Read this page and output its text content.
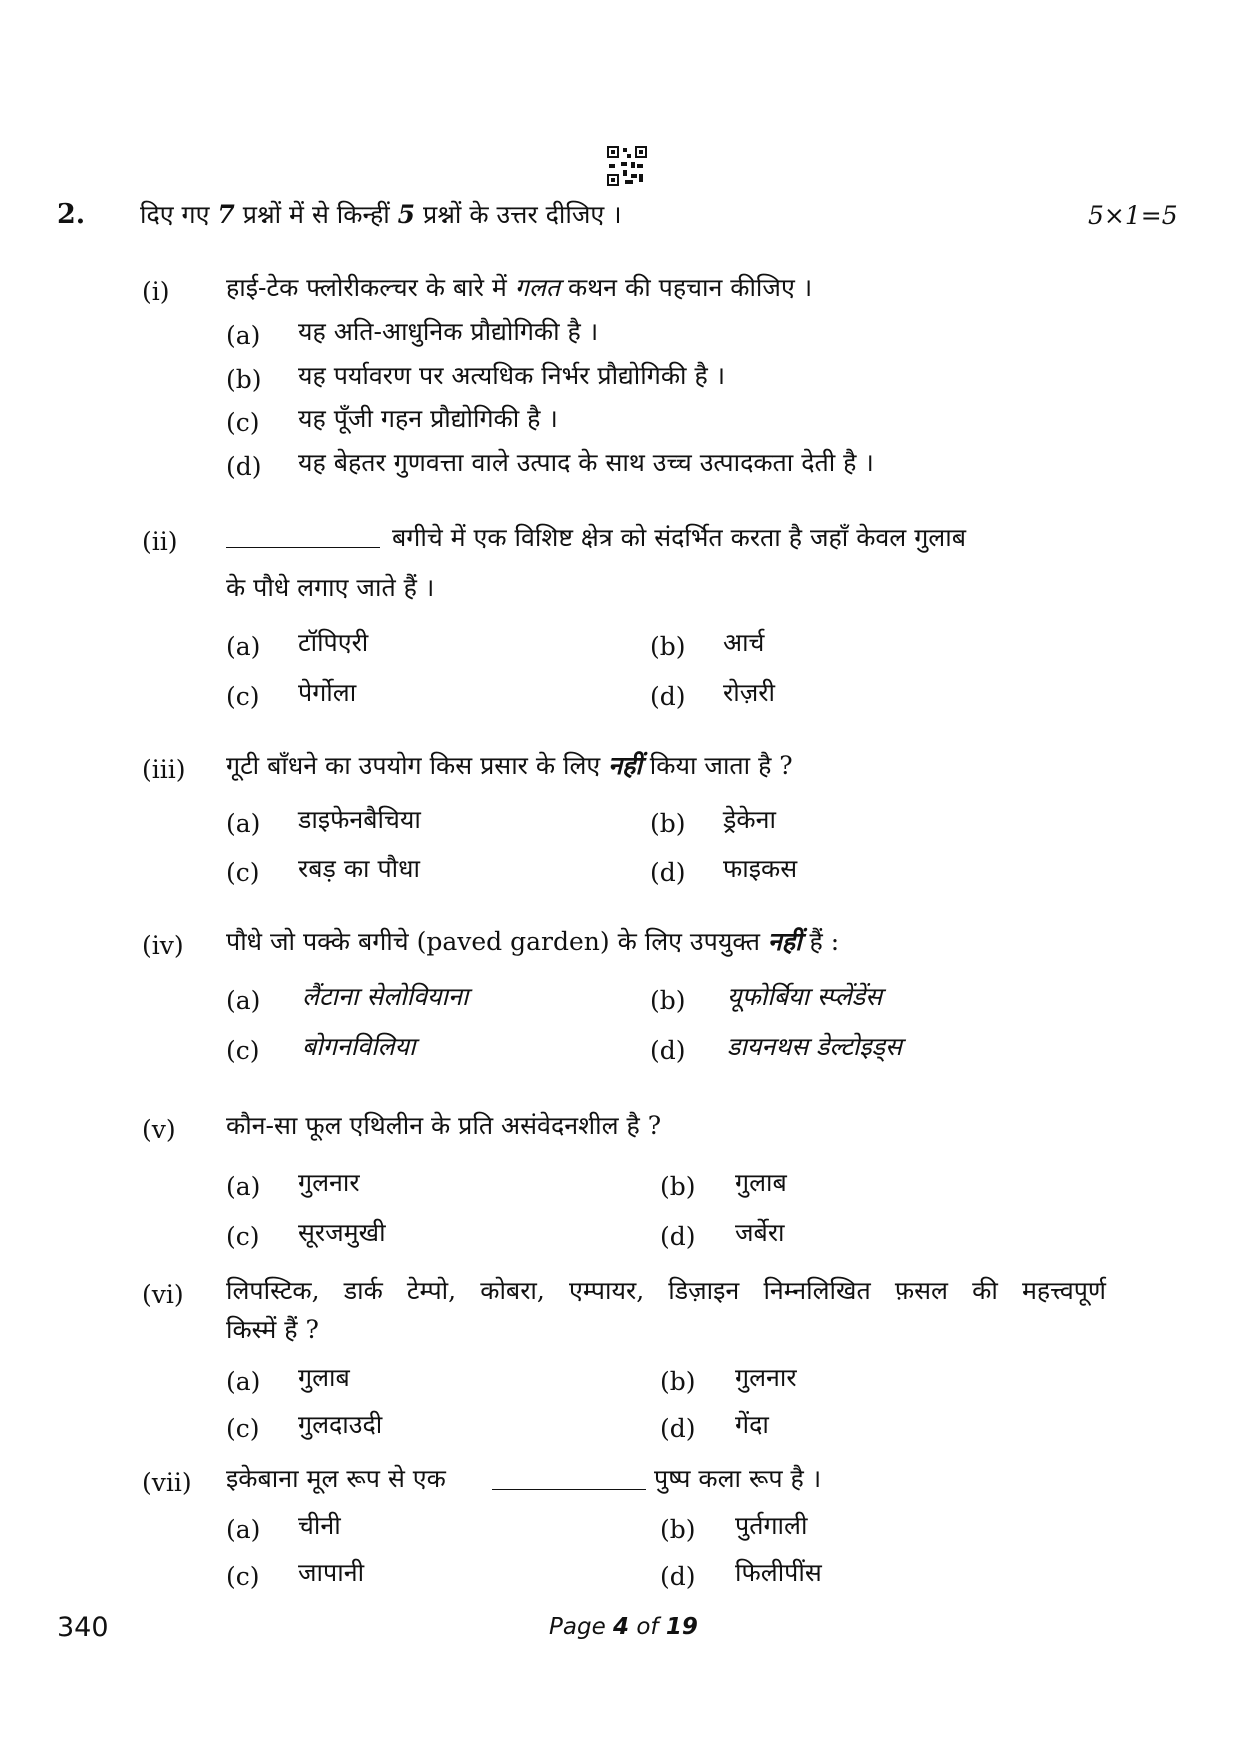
2. दिए गए 7 प्रश्नों में से किन्हीं 5 प्रश्नों के उत्तर दीजिए ।	5×1=5
(i) हाई-टेक फ्लोरीकल्चर के बारे में गलत कथन की पहचान कीजिए ।
(a) यह अति-आधुनिक प्रौद्योगिकी है ।
(b) यह पर्यावरण पर अत्यधिक निर्भर प्रौद्योगिकी है ।
(c) यह पूँजी गहन प्रौद्योगिकी है ।
(d) यह बेहतर गुणवत्ता वाले उत्पाद के साथ उच्च उत्पादकता देती है ।
(ii)	बगीचे में एक विशिष्ट क्षेत्र को संदर्भित करता है जहाँ केवल गुलाब
के पौधे लगाए जाते हैं ।
(a) टॉपिएरी	(b) आर्च
(c) पेर्गोला	(d) रोज़री
(iii) गूटी बाँधने का उपयोग किस प्रसार के लिए नहीं किया जाता है ?
(a) डाइफेनबैचिया	(b) ड्रेकेना
(c) रबड़ का पौधा	(d) फाइकस
(iv) पौधे जो पक्के बगीचे (paved garden) के लिए उपयुक्त नहीं हैं :
(a) लैंटाना सेलोवियाना	(b) यूफोर्बिया स्प्लेंडेंस
(c) बोगनविलिया	(d) डायनथस डेल्टोइड्स
(v) कौन-सा फूल एथिलीन के प्रति असंवेदनशील है ?
(a) गुलनार	(b) गुलाब
(c) सूरजमुखी	(d) जर्बेरा
(vi) लिपस्टिक, डार्क टेम्पो, कोबरा, एम्पायर, डिज़ाइन निम्नलिखित फ़सल की महत्त्वपूर्ण
किस्में हैं ?
(a) गुलाब	(b) गुलनार
(c) गुलदाउदी	(d) गेंदा
(vii) इकेबाना मूल रूप से एक	पुष्प कला रूप है ।
(a) चीनी	(b) पुर्तगाली
(c) जापानी	(d) फिलीपींस
340	Page 4 of 19
